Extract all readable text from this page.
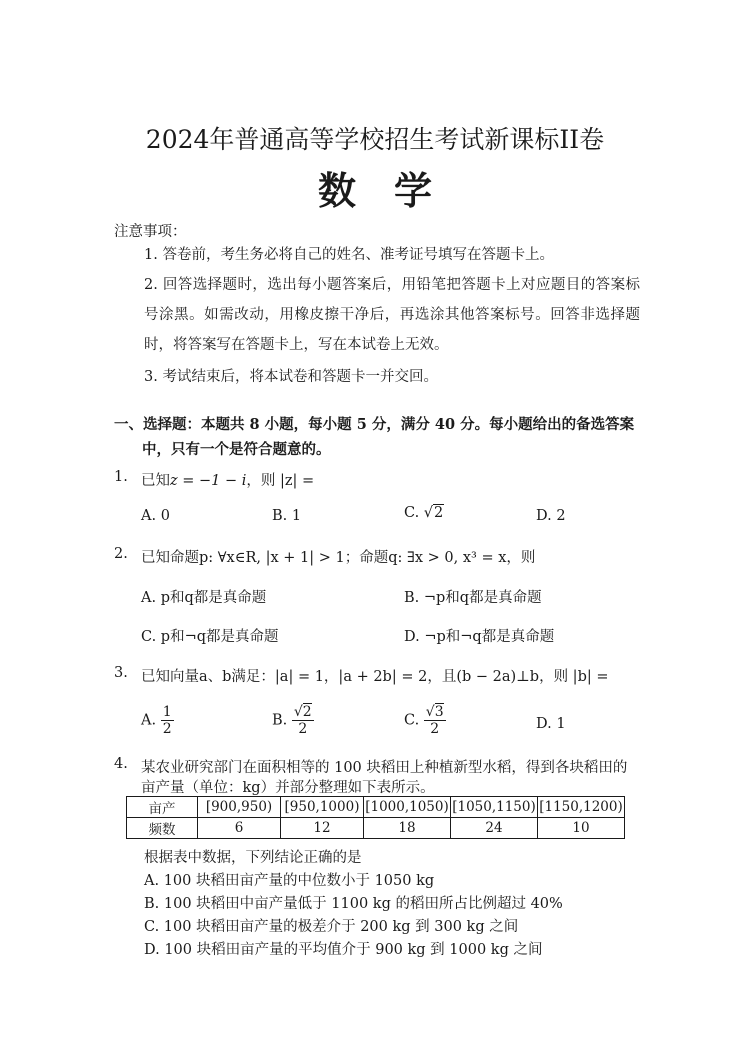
2024年普通高等学校招生考试新课标II卷
数学
注意事项：
1. 答卷前，考生务必将自己的姓名、准考证号填写在答题卡上。
2. 回答选择题时，选出每小题答案后，用铅笔把答题卡上对应题目的答案标号涂黑。如需改动，用橡皮擦干净后，再选涂其他答案标号。回答非选择题时，将答案写在答题卡上，写在本试卷上无效。
3. 考试结束后，将本试卷和答题卡一并交回。
一、选择题：本题共 8 小题，每小题 5 分，满分 40 分。每小题给出的备选答案
中，只有一个是符合题意的。
1. 已知z = −1 − i，则 |z| =
A. 0	B. 1	C. √2	D. 2
2. 已知命题p: ∀x∈R, |x + 1| > 1；命题q: ∃x > 0, x³ = x，则
A. p和q都是真命题	B. ¬p和q都是真命题
C. p和¬q都是真命题	D. ¬p和¬q都是真命题
3. 已知向量a、b满足：|a| = 1，|a + 2b| = 2，且(b − 2a)⊥b，则 |b| =
A. $\frac{1}{2}$	B. $\frac{√2}{2}$	C. $\frac{√3}{2}$	D. 1
4. 某农业研究部门在面积相等的 100 块稻田上种植新型水稻，得到各块稻田的
亩产量（单位：kg）并部分整理如下表所示。
亩产	[900,950)	[950,1000)	[1000,1050)	[1050,1150)	[1150,1200)
频数	6	12	18	24	10
根据表中数据，下列结论正确的是
A. 100 块稻田亩产量的中位数小于 1050 kg
B. 100 块稻田中亩产量低于 1100 kg 的稻田所占比例超过 40%
C. 100 块稻田亩产量的极差介于 200 kg 到 300 kg 之间
D. 100 块稻田亩产量的平均值介于 900 kg 到 1000 kg 之间
